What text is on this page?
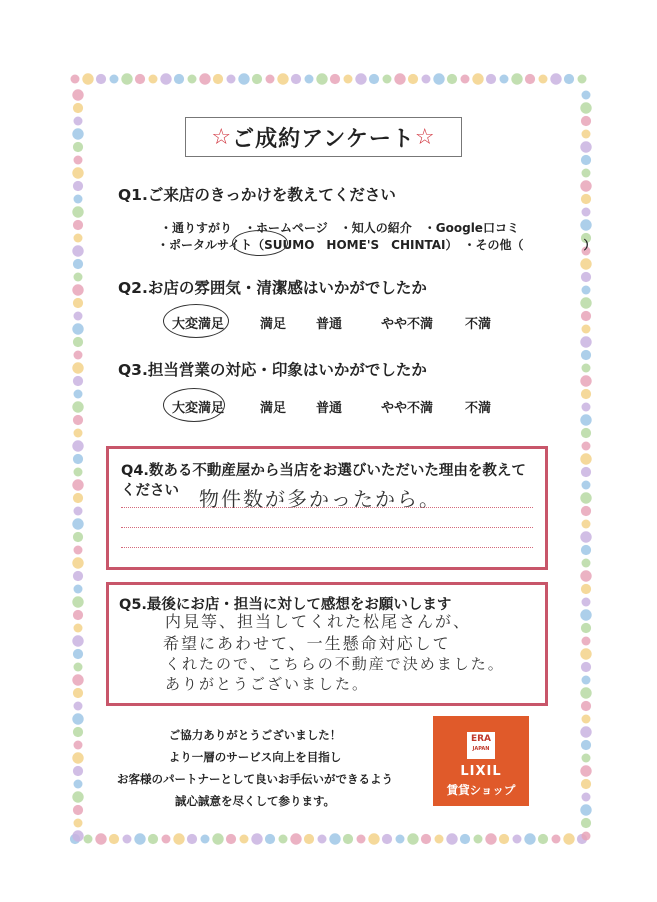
☆ ご成約アンケート ☆
Q1.ご来店のきっかけを教えてください
・通りすがり　・ホームページ　・知人の紹介　・Google口コミ
・ポータルサイト（SUUMO　HOME'S　CHINTAI）　・その他（　　　　　）
Q2.お店の雰囲気・清潔感はいかがでしたか
大変満足	満足	普通	やや不満	不満
Q3.担当営業の対応・印象はいかがでしたか
大変満足	満足	普通	やや不満	不満
Q4.数ある不動産屋から当店をお選びいただいた理由を教えて
ください 物件数が多かったから。
Q5.最後にお店・担当に対して感想をお願いします
内見等、担当してくれた松尾さんが、
希望にあわせて、一生懸命対応して
くれたので、こちらの不動産で決めました。
ありがとうございました。
ご協力ありがとうございました！
より一層のサービス向上を目指し
お客様のパートナーとして良いお手伝いができるよう
誠心誠意を尽くして参ります。
ERA
JAPAN
LIXIL
賃貸ショップ
